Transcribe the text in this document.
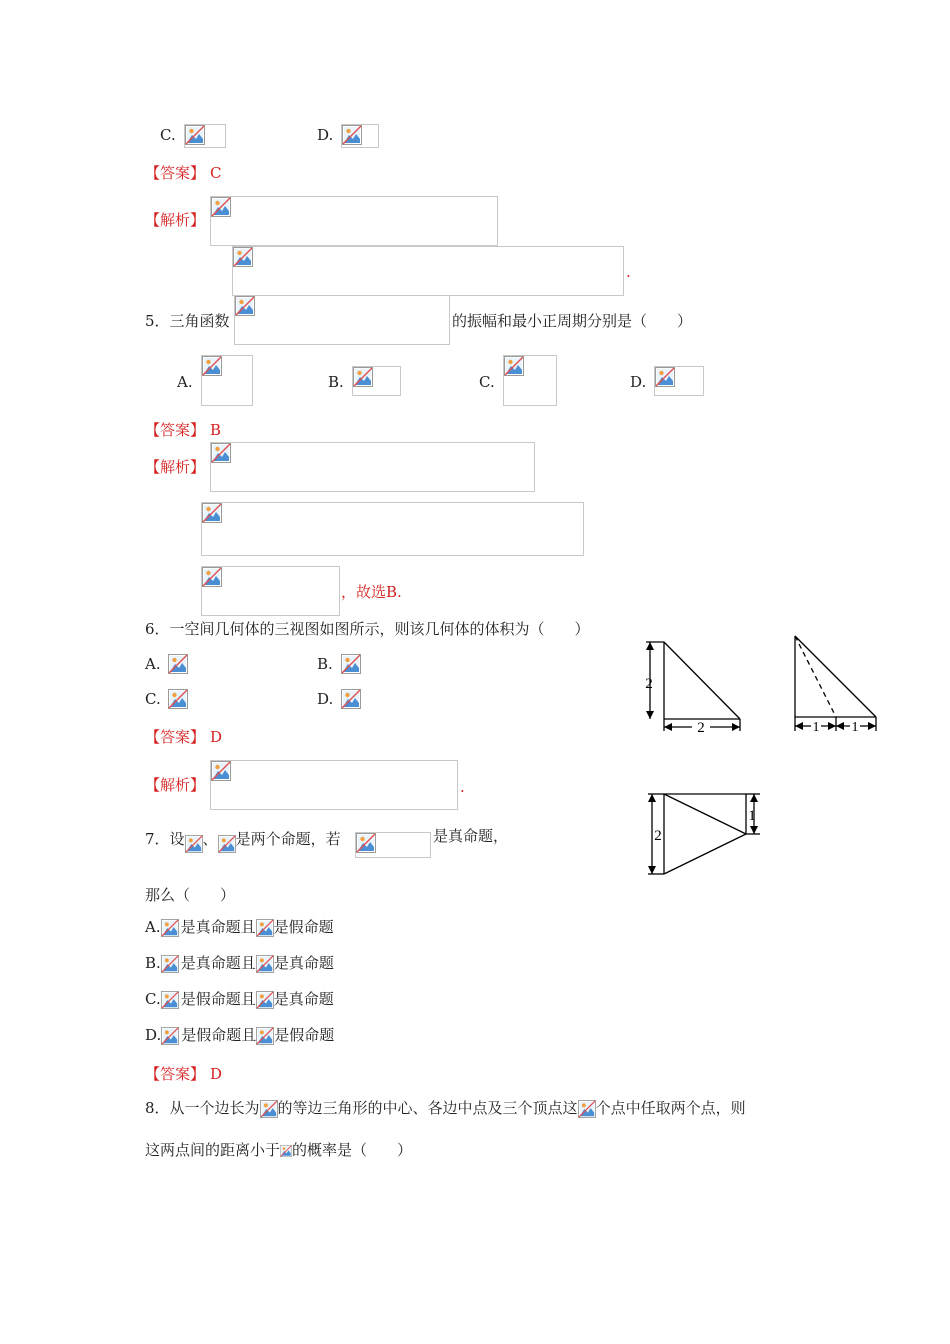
C.	D.
【答案】 C
【解析】
.
5．三角函数	的振幅和最小正周期分别是（　　）
A.	B.	C.	D.
【答案】 B
【解析】
，故选B.
6．一空间几何体的三视图如图所示，则该几何体的体积为（　　）
A.	B.
C.	D.
【答案】 D
【解析】	.
2
2	1 1
2
1
7．设 、 是两个命题，若	是真命题，
那么（　　）
A. 是真命题且 是假命题
B. 是真命题且 是真命题
C. 是假命题且 是真命题
D. 是假命题且 是假命题
【答案】 D
8．从一个边长为 的等边三角形的中心、各边中点及三个顶点这 个点中任取两个点，则
这两点间的距离小于 的概率是（　　）
